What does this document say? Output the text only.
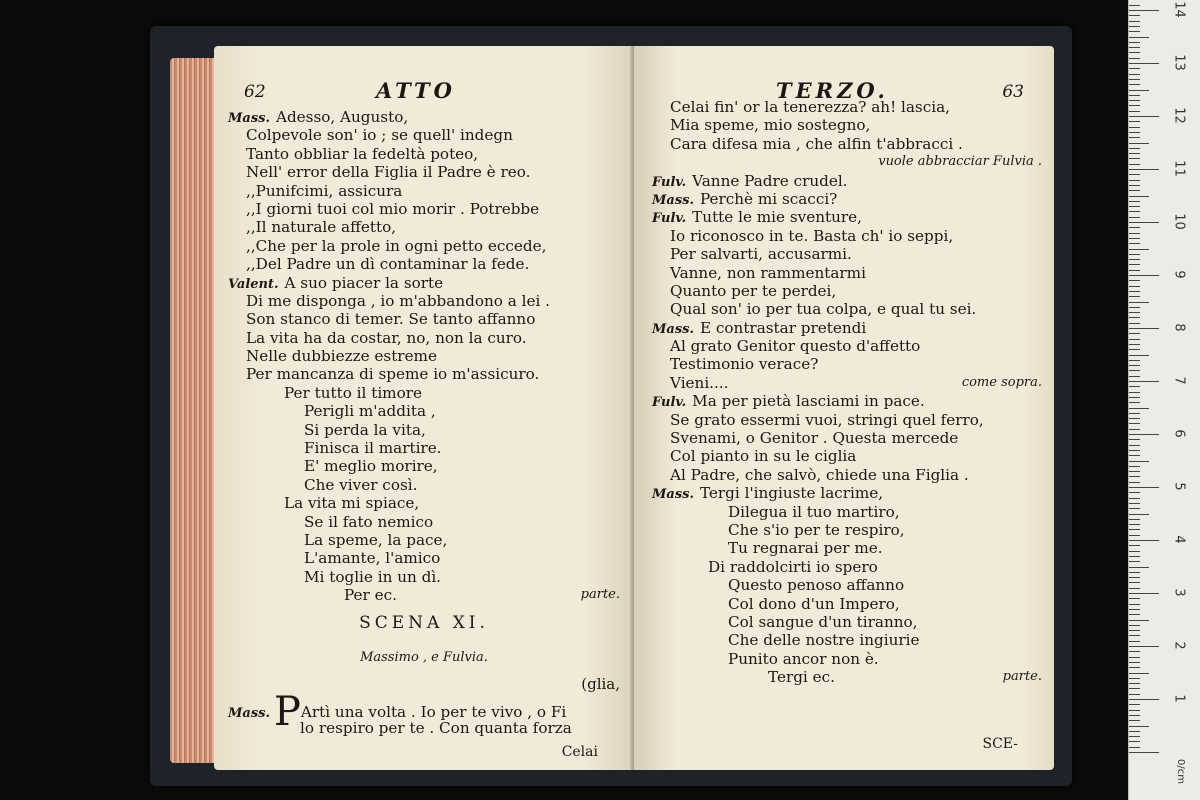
62	ATTO
Mass. Adesso, Augusto,
Colpevole son' io ; se quell' indegn
Tanto obbliar la fedeltà poteo,
Nell' error della Figlia il Padre è reo.
,,Punifcimi, assicura
,,I giorni tuoi col mio morir . Potrebbe
,,Il naturale affetto,
,,Che per la prole in ogni petto eccede,
,,Del Padre un dì contaminar la fede.
Valent. A suo piacer la sorte
Di me disponga , io m'abbandono a lei .
Son stanco di temer. Se tanto affanno
La vita ha da costar, no, non la curo.
Nelle dubbiezze estreme
Per mancanza di speme io m'assicuro.
Per tutto il timore
Perigli m'addita ,
Si perda la vita,
Finisca il martire.
E' meglio morire,
Che viver così.
La vita mi spiace,
Se il fato nemico
La speme, la pace,
L'amante, l'amico
Mi toglie in un dì.
Per ec.	parte.
SCENA XI.
Massimo , e Fulvia.
(glia,
Mass. PArtì una volta . Io per te vivo , o Fi
lo respiro per te . Con quanta forza
Celai
TERZO.	63
Celai fin' or la tenerezza? ah! lascia,
Mia speme, mio sostegno,
Cara difesa mia , che alfin t'abbracci .
vuole abbracciar Fulvia .
Fulv. Vanne Padre crudel.
Mass. Perchè mi scacci?
Fulv. Tutte le mie sventure,
Io riconosco in te. Basta ch' io seppi,
Per salvarti, accusarmi.
Vanne, non rammentarmi
Quanto per te perdei,
Qual son' io per tua colpa, e qual tu sei.
Mass. E contrastar pretendi
Al grato Genitor questo d'affetto
Testimonio verace?
Vieni....	come sopra.
Fulv. Ma per pietà lasciami in pace.
Se grato essermi vuoi, stringi quel ferro,
Svenami, o Genitor . Questa mercede
Col pianto in su le ciglia
Al Padre, che salvò, chiede una Figlia .
Mass. Tergi l'ingiuste lacrime,
Dilegua il tuo martiro,
Che s'io per te respiro,
Tu regnarai per me.
Di raddolcirti io spero
Questo penoso affanno
Col dono d'un Impero,
Col sangue d'un tiranno,
Che delle nostre ingiurie
Punito ancor non è.
Tergi ec.	parte.
SCE-
1
2
3
4
5
6
7
8
9
10
11
12
13
14
0/cm
